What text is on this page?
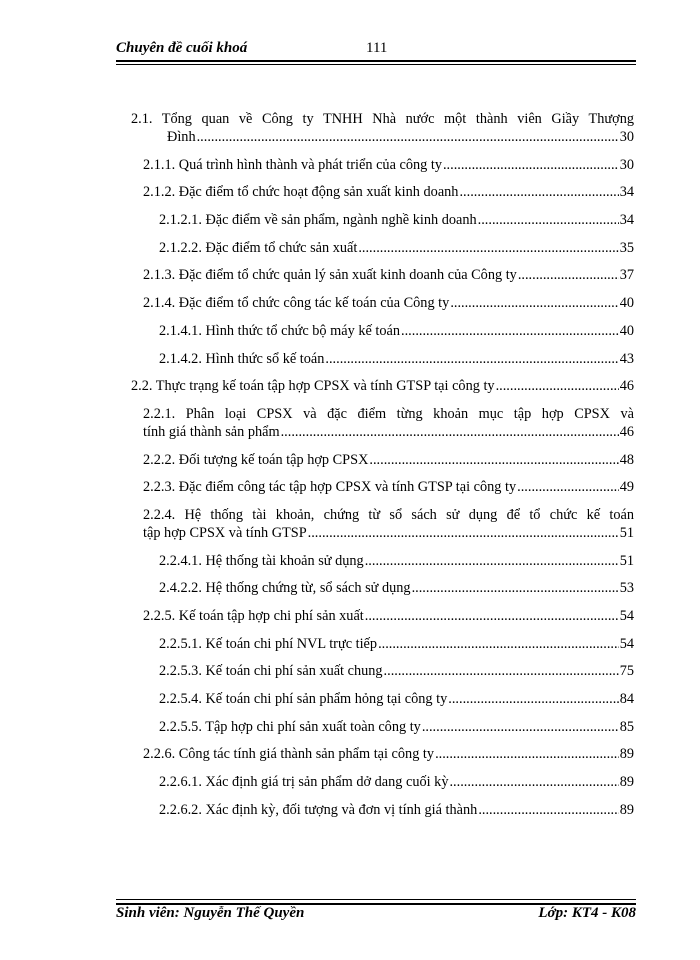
Chuyên đề cuối khoá	111
2.1. Tổng quan về Công ty TNHH Nhà nước một thành viên Giầy Thượng
Đình .....	30
2.1.1. Quá trình hình thành và phát triển của công ty .....	30
2.1.2. Đặc điểm tổ chức hoạt động sản xuất kinh doanh .....	34
2.1.2.1. Đặc điểm về sản phẩm, ngành nghề kinh doanh .....	34
2.1.2.2. Đặc điểm tổ chức sản xuất .....	35
2.1.3. Đặc điểm tổ chức quản lý sản xuất kinh doanh của Công ty .....	37
2.1.4. Đặc điểm tổ chức công tác kế toán của Công ty .....	40
2.1.4.1. Hình thức tổ chức bộ máy kế toán .....	40
2.1.4.2. Hình thức sổ kế toán .....	43
2.2. Thực trạng kế toán tập hợp CPSX và tính GTSP tại công ty .....	46
2.2.1. Phân loại CPSX và đặc điểm từng khoản mục tập hợp CPSX và
tính giá thành sản phẩm .....	46
2.2.2. Đối tượng kế toán tập hợp CPSX .....	48
2.2.3. Đặc điểm công tác tập hợp CPSX và tính GTSP tại công ty .....	49
2.2.4. Hệ thống tài khoản, chứng từ sổ sách sử dụng để tổ chức kế toán
tập hợp CPSX và tính GTSP .....	51
2.2.4.1. Hệ thống tài khoản sử dụng .....	51
2.4.2.2. Hệ thống chứng từ, sổ sách sử dụng .....	53
2.2.5. Kế toán tập hợp chi phí sản xuất .....	54
2.2.5.1. Kế toán chi phí NVL trực tiếp .....	54
2.2.5.3. Kế toán chi phí sản xuất chung .....	75
2.2.5.4. Kế toán chi phí sản phẩm hỏng tại công ty .....	84
2.2.5.5. Tập hợp chi phí sản xuất toàn công ty .....	85
2.2.6. Công tác tính giá thành sản phẩm tại công ty .....	89
2.2.6.1. Xác định giá trị sản phẩm dở dang cuối kỳ .....	89
2.2.6.2. Xác định kỳ, đối tượng và đơn vị tính giá thành .....	89
Sinh viên: Nguyễn Thế Quyền	Lớp: KT4 - K08
